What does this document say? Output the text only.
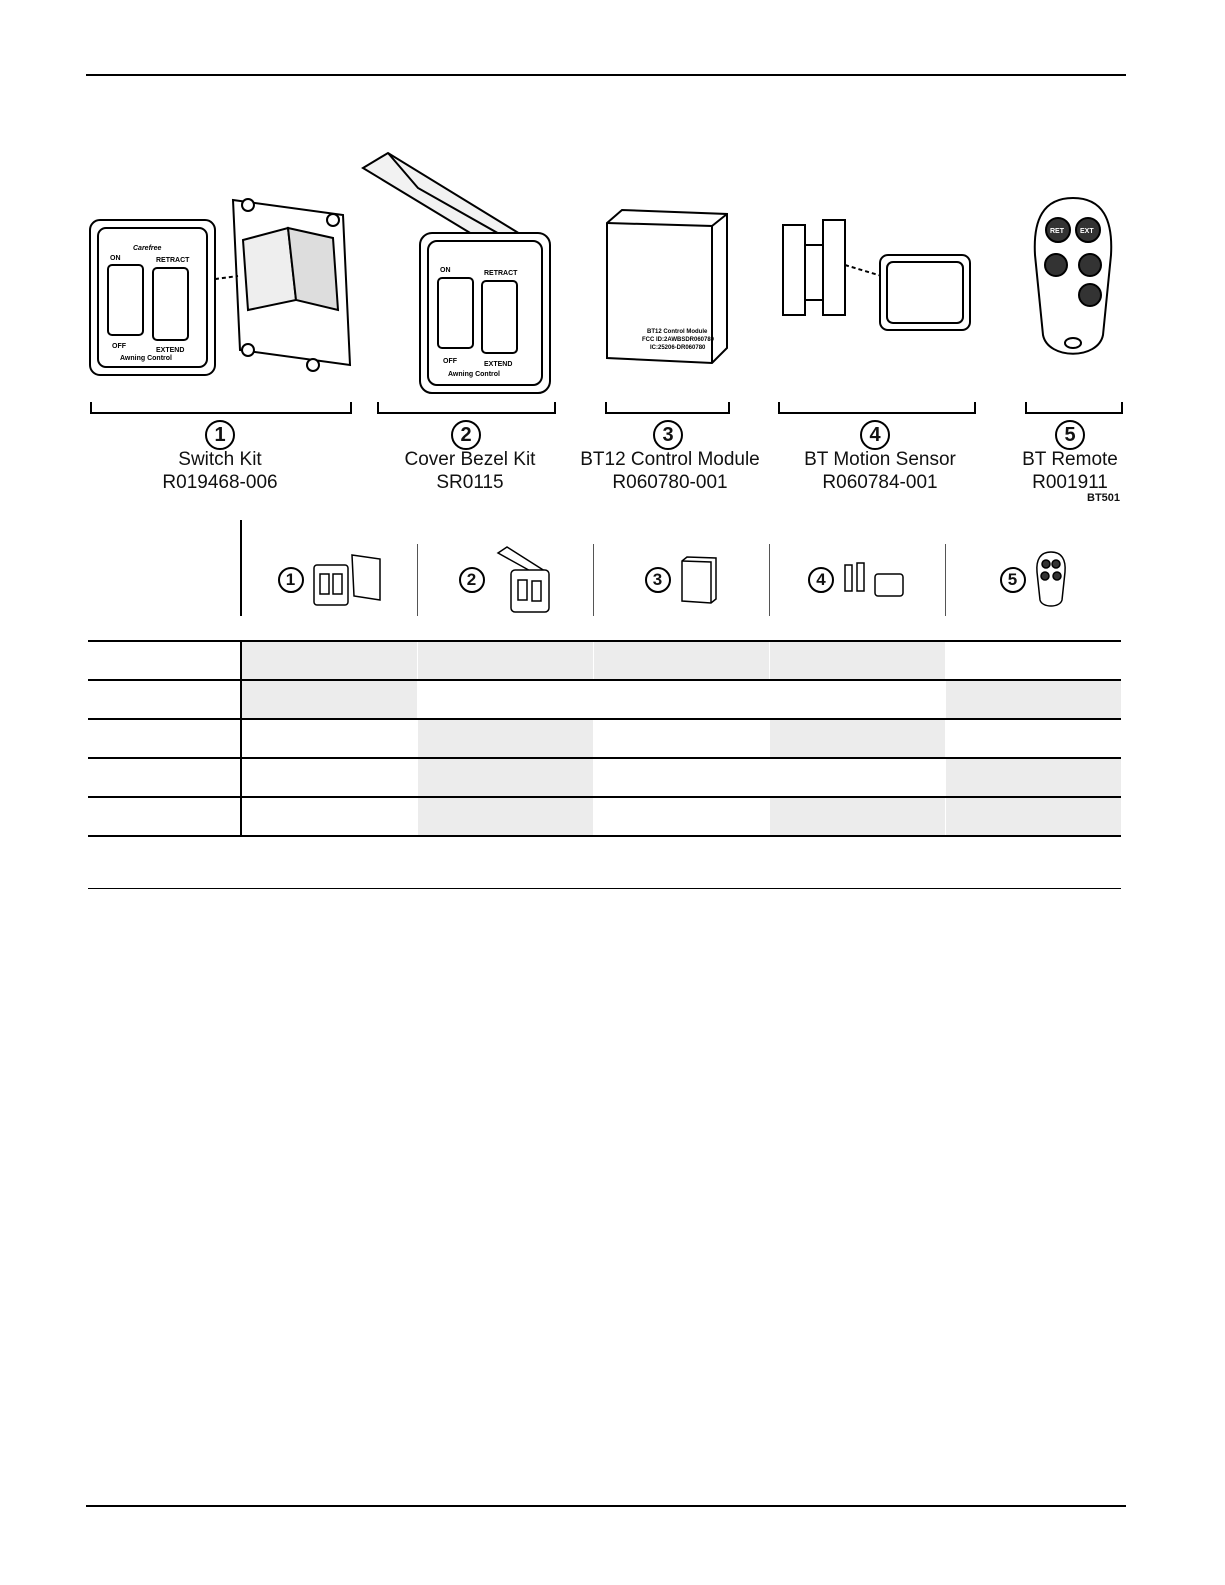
ON	RETRACT
OFF
EXTEND
Awning Control
Carefree
ON	RETRACT
OFF	EXTEND
Awning Control
BT12 Control Module
FCC ID:2AWBSDR060780
IC:25206-DR060780
RET EXT
1	2	3	4	5
Switch Kit
R019468-006
Cover Bezel Kit
SR0115
BT12 Control Module
R060780-001
BT Motion Sensor
R060784-001
BT Remote
R001911
BT501
1	2	3	4	5
